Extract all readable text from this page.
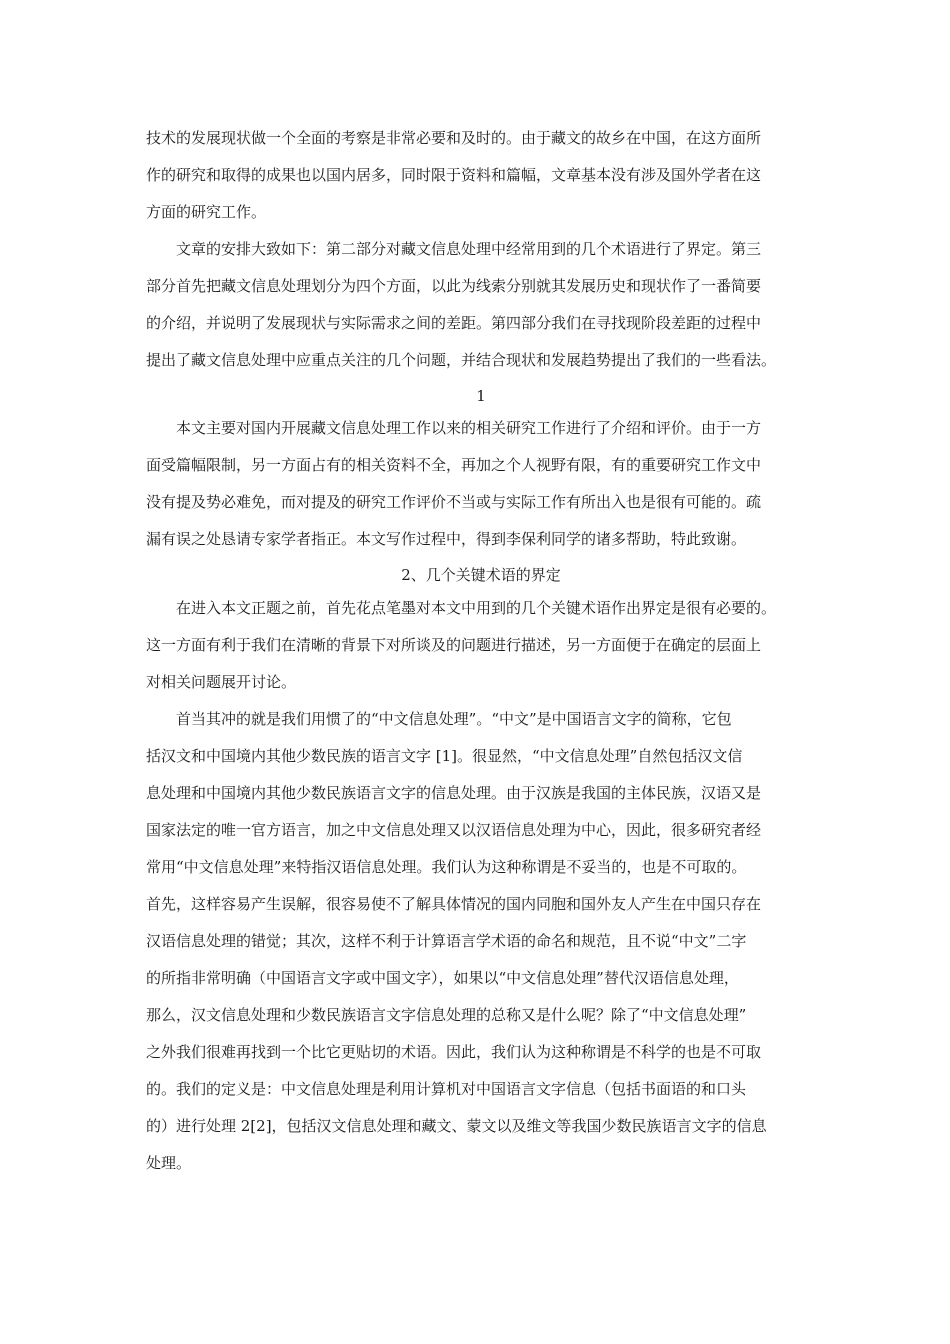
技术的发展现状做一个全面的考察是非常必要和及时的。由于藏文的故乡在中国，在这方面所
作的研究和取得的成果也以国内居多，同时限于资料和篇幅，文章基本没有涉及国外学者在这
方面的研究工作。
　　文章的安排大致如下：第二部分对藏文信息处理中经常用到的几个术语进行了界定。第三
部分首先把藏文信息处理划分为四个方面，以此为线索分别就其发展历史和现状作了一番简要
的介绍，并说明了发展现状与实际需求之间的差距。第四部分我们在寻找现阶段差距的过程中
提出了藏文信息处理中应重点关注的几个问题，并结合现状和发展趋势提出了我们的一些看法。
1
　　本文主要对国内开展藏文信息处理工作以来的相关研究工作进行了介绍和评价。由于一方
面受篇幅限制，另一方面占有的相关资料不全，再加之个人视野有限，有的重要研究工作文中
没有提及势必难免，而对提及的研究工作评价不当或与实际工作有所出入也是很有可能的。疏
漏有误之处恳请专家学者指正。本文写作过程中，得到李保利同学的诸多帮助，特此致谢。
2、几个关键术语的界定
　　在进入本文正题之前，首先花点笔墨对本文中用到的几个关键术语作出界定是很有必要的。
这一方面有利于我们在清晰的背景下对所谈及的问题进行描述，另一方面便于在确定的层面上
对相关问题展开讨论。
　　首当其冲的就是我们用惯了的“中文信息处理”。“中文”是中国语言文字的简称，它包
括汉文和中国境内其他少数民族的语言文字 [1]。很显然，“中文信息处理”自然包括汉文信
息处理和中国境内其他少数民族语言文字的信息处理。由于汉族是我国的主体民族，汉语又是
国家法定的唯一官方语言，加之中文信息处理又以汉语信息处理为中心，因此，很多研究者经
常用“中文信息处理”来特指汉语信息处理。我们认为这种称谓是不妥当的，也是不可取的。
首先，这样容易产生误解，很容易使不了解具体情况的国内同胞和国外友人产生在中国只存在
汉语信息处理的错觉；其次，这样不利于计算语言学术语的命名和规范，且不说“中文”二字
的所指非常明确（中国语言文字或中国文字），如果以“中文信息处理”替代汉语信息处理，
那么，汉文信息处理和少数民族语言文字信息处理的总称又是什么呢？除了“中文信息处理”
之外我们很难再找到一个比它更贴切的术语。因此，我们认为这种称谓是不科学的也是不可取
的。我们的定义是：中文信息处理是利用计算机对中国语言文字信息（包括书面语的和口头
的）进行处理 2[2]，包括汉文信息处理和藏文、蒙文以及维文等我国少数民族语言文字的信息
处理。
